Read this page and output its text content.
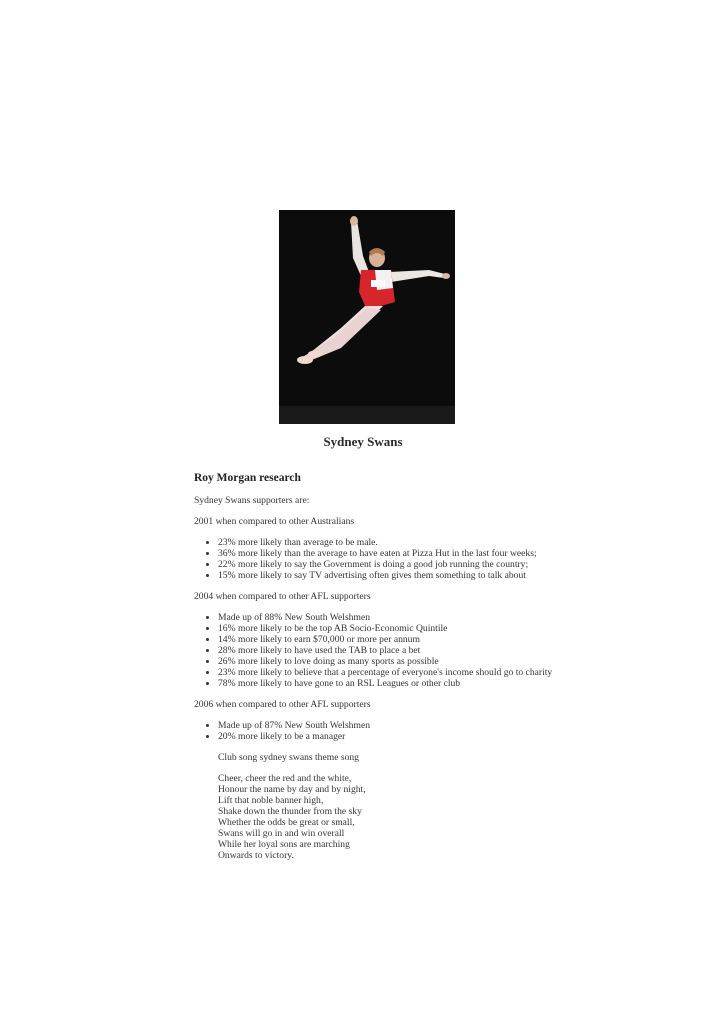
Sydney Swans
Roy Morgan research

Sydney Swans supporters are:

2001 when compared to other Australians

• 23% more likely than average to be male.
• 36% more likely than the average to have eaten at Pizza Hut in the last four weeks;
• 22% more likely to say the Government is doing a good job running the country;
• 15% more likely to say TV advertising often gives them something to talk about

2004 when compared to other AFL supporters

• Made up of 88% New South Welshmen
• 16% more likely to be the top AB Socio-Economic Quintile
• 14% more likely to earn $70,000 or more per annum
• 28% more likely to have used the TAB to place a bet
• 26% more likely to love doing as many sports as possible
• 23% more likely to believe that a percentage of everyone's income should go to charity
• 78% more likely to have gone to an RSL Leagues or other club

2006 when compared to other AFL supporters

• Made up of 87% New South Welshmen
• 20% more likely to be a manager

Club song sydney swans theme song

Cheer, cheer the red and the white,
Honour the name by day and by night,
Lift that noble banner high,
Shake down the thunder from the sky
Whether the odds be great or small,
Swans will go in and win overall
While her loyal sons are marching
Onwards to victory.
